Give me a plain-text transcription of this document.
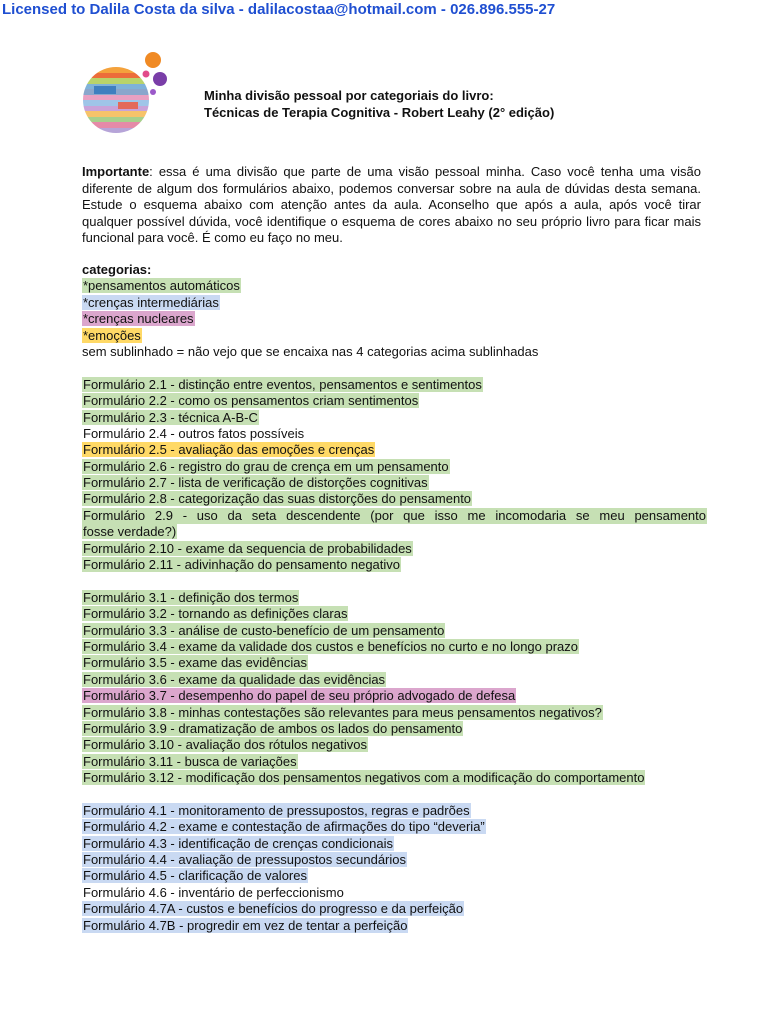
Licensed to Dalila Costa da silva - dalilacostaa@hotmail.com - 026.896.555-27
Minha divisão pessoal por categoriais do livro:
Técnicas de Terapia Cognitiva - Robert Leahy (2° edição)
Importante: essa é uma divisão que parte de uma visão pessoal minha. Caso você tenha uma visão diferente de algum dos formulários abaixo, podemos conversar sobre na aula de dúvidas desta semana. Estude o esquema abaixo com atenção antes da aula. Aconselho que após a aula, após você tirar qualquer possível dúvida, você identifique o esquema de cores abaixo no seu próprio livro para ficar mais funcional para você. É como eu faço no meu.
categorias:
*pensamentos automáticos
*crenças intermediárias
*crenças nucleares
*emoções
sem sublinhado = não vejo que se encaixa nas 4 categorias acima sublinhadas
Formulário 2.1 - distinção entre eventos, pensamentos e sentimentos
Formulário 2.2 - como os pensamentos criam sentimentos
Formulário 2.3 - técnica A-B-C
Formulário 2.4 - outros fatos possíveis
Formulário 2.5 - avaliação das emoções e crenças
Formulário 2.6 - registro do grau de crença em um pensamento
Formulário 2.7 - lista de verificação de distorções cognitivas
Formulário 2.8 - categorização das suas distorções do pensamento
Formulário 2.9 - uso da seta descendente (por que isso me incomodaria se meu pensamento
fosse verdade?)
Formulário 2.10 - exame da sequencia de probabilidades
Formulário 2.11 - adivinhação do pensamento negativo
Formulário 3.1 - definição dos termos
Formulário 3.2 - tornando as definições claras
Formulário 3.3 - análise de custo-benefício de um pensamento
Formulário 3.4 - exame da validade dos custos e benefícios no curto e no longo prazo
Formulário 3.5 - exame das evidências
Formulário 3.6 - exame da qualidade das evidências
Formulário 3.7 - desempenho do papel de seu próprio advogado de defesa
Formulário 3.8 - minhas contestações são relevantes para meus pensamentos negativos?
Formulário 3.9 - dramatização de ambos os lados do pensamento
Formulário 3.10 - avaliação dos rótulos negativos
Formulário 3.11 - busca de variações
Formulário 3.12 - modificação dos pensamentos negativos com a modificação do comportamento
Formulário 4.1 - monitoramento de pressupostos, regras e padrões
Formulário 4.2 - exame e contestação de afirmações do tipo “deveria”
Formulário 4.3 - identificação de crenças condicionais
Formulário 4.4 - avaliação de pressupostos secundários
Formulário 4.5 - clarificação de valores
Formulário 4.6 - inventário de perfeccionismo
Formulário 4.7A - custos e benefícios do progresso e da perfeição
Formulário 4.7B - progredir em vez de tentar a perfeição
